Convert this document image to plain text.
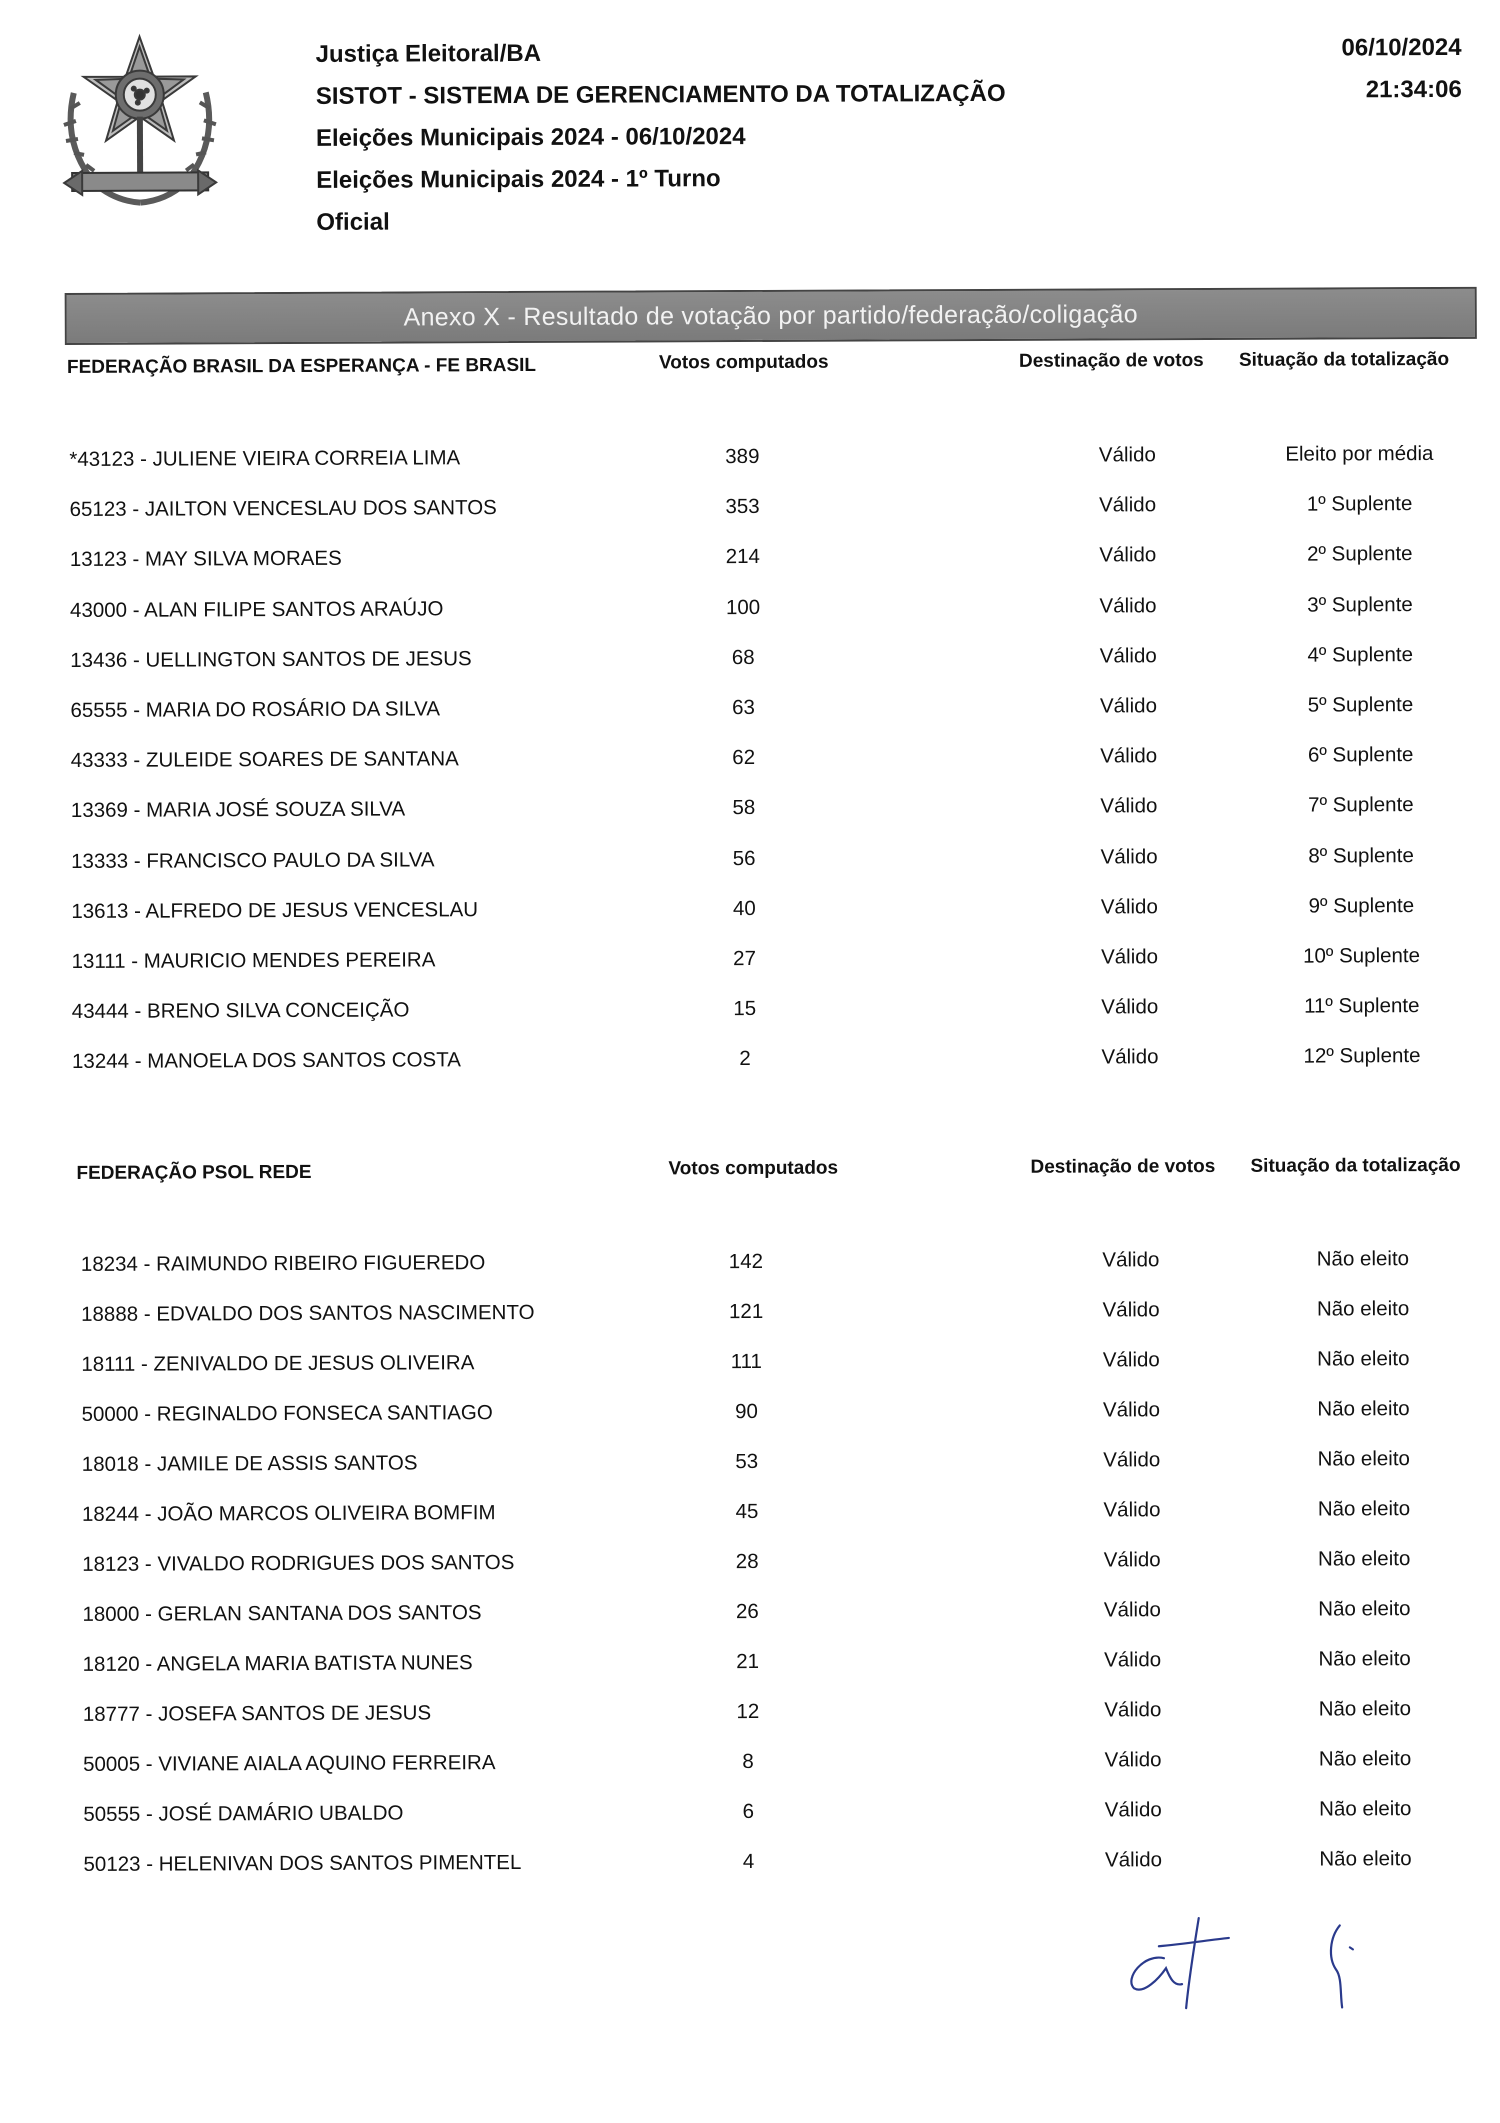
Justiça Eleitoral/BA
SISTOT - SISTEMA DE GERENCIAMENTO DA TOTALIZAÇÃO
Eleições Municipais 2024 - 06/10/2024
Eleições Municipais 2024 - 1º Turno
Oficial
06/10/2024
21:34:06
Anexo X - Resultado de votação por partido/federação/coligação
FEDERAÇÃO BRASIL DA ESPERANÇA - FE BRASIL	Votos computados	Destinação de votos Situação da totalização
*43123 - JULIENE VIEIRA CORREIA LIMA	389	Válido	Eleito por média
65123 - JAILTON VENCESLAU DOS SANTOS	353	Válido	1º Suplente
13123 - MAY SILVA MORAES	214	Válido	2º Suplente
43000 - ALAN FILIPE SANTOS ARAÚJO	100	Válido	3º Suplente
13436 - UELLINGTON SANTOS DE JESUS	68	Válido	4º Suplente
65555 - MARIA DO ROSÁRIO DA SILVA	63	Válido	5º Suplente
43333 - ZULEIDE SOARES DE SANTANA	62	Válido	6º Suplente
13369 - MARIA JOSÉ SOUZA SILVA	58	Válido	7º Suplente
13333 - FRANCISCO PAULO DA SILVA	56	Válido	8º Suplente
13613 - ALFREDO DE JESUS VENCESLAU	40	Válido	9º Suplente
13111 - MAURICIO MENDES PEREIRA	27	Válido	10º Suplente
43444 - BRENO SILVA CONCEIÇÃO	15	Válido	11º Suplente
13244 - MANOELA DOS SANTOS COSTA	2	Válido	12º Suplente
FEDERAÇÃO PSOL REDE	Votos computados	Destinação de votos Situação da totalização
18234 - RAIMUNDO RIBEIRO FIGUEREDO	142	Válido	Não eleito
18888 - EDVALDO DOS SANTOS NASCIMENTO	121	Válido	Não eleito
18111 - ZENIVALDO DE JESUS OLIVEIRA	111	Válido	Não eleito
50000 - REGINALDO FONSECA SANTIAGO	90	Válido	Não eleito
18018 - JAMILE DE ASSIS SANTOS	53	Válido	Não eleito
18244 - JOÃO MARCOS OLIVEIRA BOMFIM	45	Válido	Não eleito
18123 - VIVALDO RODRIGUES DOS SANTOS	28	Válido	Não eleito
18000 - GERLAN SANTANA DOS SANTOS	26	Válido	Não eleito
18120 - ANGELA MARIA BATISTA NUNES	21	Válido	Não eleito
18777 - JOSEFA SANTOS DE JESUS	12	Válido	Não eleito
50005 - VIVIANE AIALA AQUINO FERREIRA	8	Válido	Não eleito
50555 - JOSÉ DAMÁRIO UBALDO	6	Válido	Não eleito
50123 - HELENIVAN DOS SANTOS PIMENTEL	4	Válido	Não eleito
